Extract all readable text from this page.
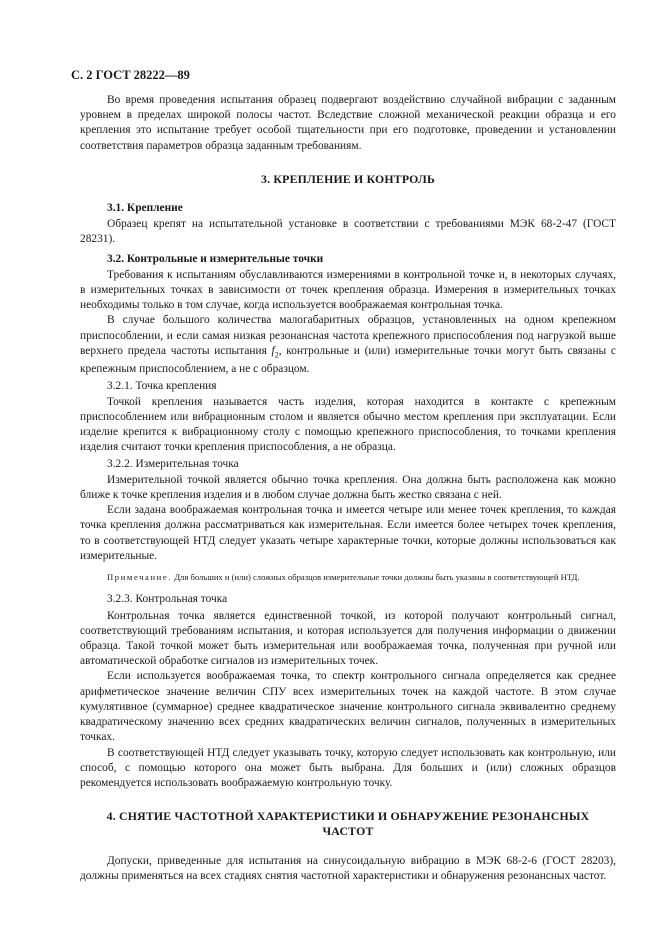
С. 2 ГОСТ 28222—89

Во время проведения испытания образец подвергают воздействию случайной вибрации с заданным уровнем в пределах широкой полосы частот. Вследствие сложной механической реакции образца и его крепления это испытание требует особой тщательности при его подготовке, проведении и установлении соответствия параметров образца заданным требованиям.

3. КРЕПЛЕНИЕ И КОНТРОЛЬ
3.1. Крепление

Образец крепят на испытательной установке в соответствии с требованиями МЭК 68-2-47 (ГОСТ 28231).

3.2. Контрольные и измерительные точки

Требования к испытаниям обуславливаются измерениями в контрольной точке и, в некоторых случаях, в измерительных точках в зависимости от точек крепления образца. Измерения в измерительных точках необходимы только в том случае, когда используется воображаемая контрольная точка.

В случае большого количества малогабаритных образцов, установленных на одном крепежном приспособлении, и если самая низкая резонансная частота крепежного приспособления под нагрузкой выше верхнего предела частоты испытания $f_2$, контрольные и (или) измерительные точки могут быть связаны с крепежным приспособлением, а не с образцом.

3.2.1. Точка крепления

Точкой крепления называется часть изделия, которая находится в контакте с крепежным приспособлением или вибрационным столом и является обычно местом крепления при эксплуатации. Если изделие крепится к вибрационному столу с помощью крепежного приспособления, то точками крепления изделия считают точки крепления приспособления, а не образца.

3.2.2. Измерительная точка

Измерительной точкой является обычно точка крепления. Она должна быть расположена как можно ближе к точке крепления изделия и в любом случае должна быть жестко связана с ней.

Если задана воображаемая контрольная точка и имеется четыре или менее точек крепления, то каждая точка крепления должна рассматриваться как измерительная. Если имеется более четырех точек крепления, то в соответствующей НТД следует указать четыре характерные точки, которые должны использоваться как измерительные.

Примечание. Для больших и (или) сложных образцов измерительные точки должны быть указаны в соответствующей НТД.
3.2.3. Контрольная точка

Контрольная точка является единственной точкой, из которой получают контрольный сигнал, соответствующий требованиям испытания, и которая используется для получения информации о движении образца. Такой точкой может быть измерительная или воображаемая точка, полученная при ручной или автоматической обработке сигналов из измерительных точек.

Если используется воображаемая точка, то спектр контрольного сигнала определяется как среднее арифметическое значение величин СПУ всех измерительных точек на каждой частоте. В этом случае кумулятивное (суммарное) среднее квадратическое значение контрольного сигнала эквивалентно среднему квадратическому значению всех средних квадратических величин сигналов, полученных в измерительных точках.

В соответствующей НТД следует указывать точку, которую следует использовать как контрольную, или способ, с помощью которого она может быть выбрана. Для больших и (или) сложных образцов рекомендуется использовать воображаемую контрольную точку.

4. СНЯТИЕ ЧАСТОТНОЙ ХАРАКТЕРИСТИКИ И ОБНАРУЖЕНИЕ РЕЗОНАНСНЫХ
ЧАСТОТ

Допуски, приведенные для испытания на синусоидальную вибрацию в МЭК 68-2-6 (ГОСТ 28203), должны применяться на всех стадиях снятия частотной характеристики и обнаружения резонансных частот.
